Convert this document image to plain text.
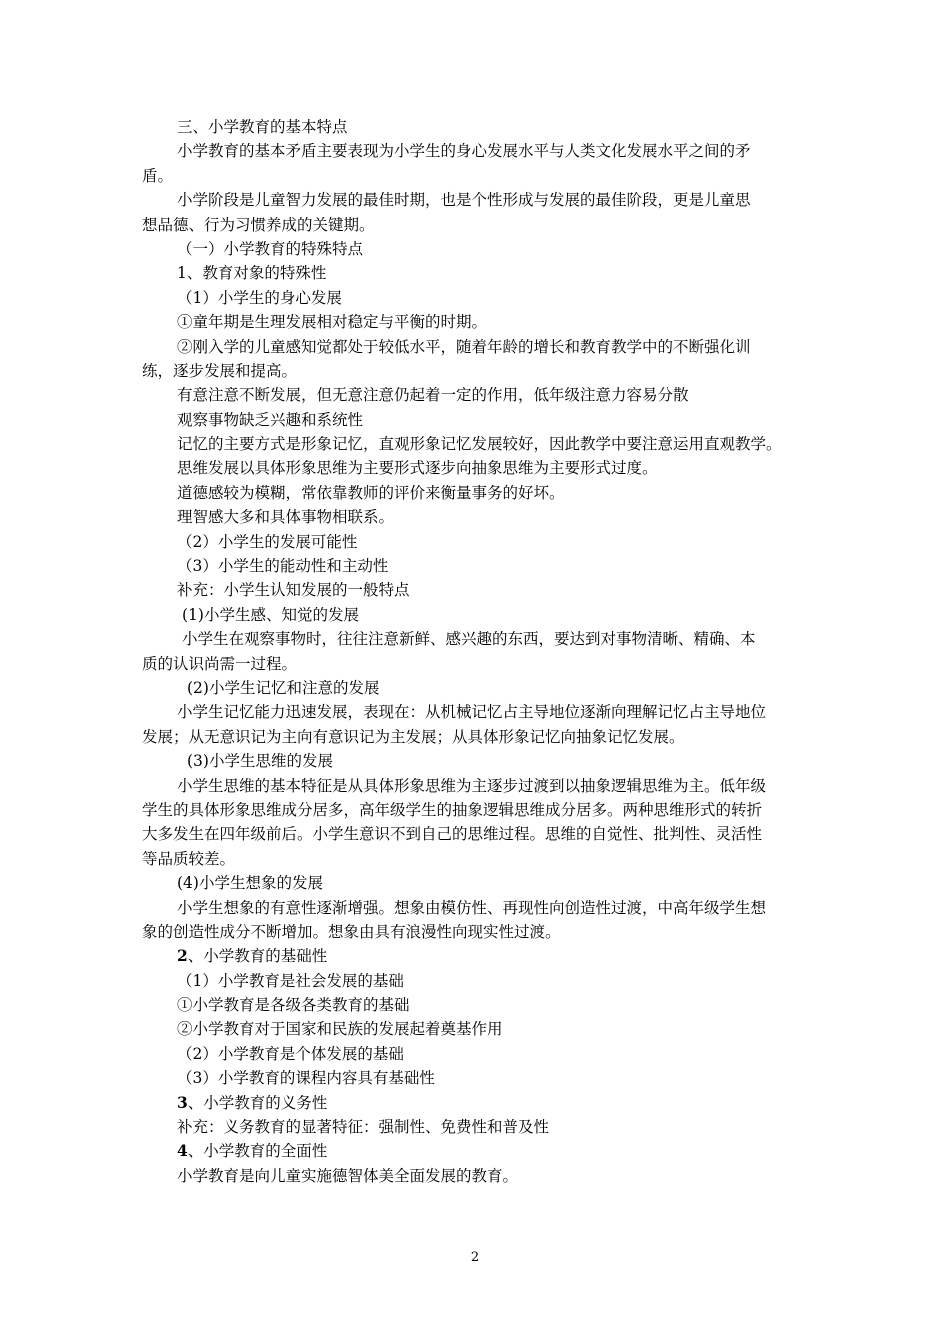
三、小学教育的基本特点
小学教育的基本矛盾主要表现为小学生的身心发展水平与人类文化发展水平之间的矛
盾。
小学阶段是儿童智力发展的最佳时期，也是个性形成与发展的最佳阶段，更是儿童思
想品德、行为习惯养成的关键期。
（一）小学教育的特殊特点
1、教育对象的特殊性
（1）小学生的身心发展
①童年期是生理发展相对稳定与平衡的时期。
②刚入学的儿童感知觉都处于较低水平，随着年龄的增长和教育教学中的不断强化训
练，逐步发展和提高。
有意注意不断发展，但无意注意仍起着一定的作用，低年级注意力容易分散
观察事物缺乏兴趣和系统性
记忆的主要方式是形象记忆，直观形象记忆发展较好，因此教学中要注意运用直观教学。
思维发展以具体形象思维为主要形式逐步向抽象思维为主要形式过度。
道德感较为模糊，常依靠教师的评价来衡量事务的好坏。
理智感大多和具体事物相联系。
（2）小学生的发展可能性
（3）小学生的能动性和主动性
补充：小学生认知发展的一般特点
(1)小学生感、知觉的发展
小学生在观察事物时，往往注意新鲜、感兴趣的东西，要达到对事物清晰、精确、本
质的认识尚需一过程。
(2)小学生记忆和注意的发展
小学生记忆能力迅速发展，表现在：从机械记忆占主导地位逐渐向理解记忆占主导地位
发展；从无意识记为主向有意识记为主发展；从具体形象记忆向抽象记忆发展。
(3)小学生思维的发展
小学生思维的基本特征是从具体形象思维为主逐步过渡到以抽象逻辑思维为主。低年级
学生的具体形象思维成分居多，高年级学生的抽象逻辑思维成分居多。两种思维形式的转折
大多发生在四年级前后。小学生意识不到自己的思维过程。思维的自觉性、批判性、灵活性
等品质较差。
(4)小学生想象的发展
小学生想象的有意性逐渐增强。想象由模仿性、再现性向创造性过渡，中高年级学生想
象的创造性成分不断增加。想象由具有浪漫性向现实性过渡。
2、小学教育的基础性
（1）小学教育是社会发展的基础
①小学教育是各级各类教育的基础
②小学教育对于国家和民族的发展起着奠基作用
（2）小学教育是个体发展的基础
（3）小学教育的课程内容具有基础性
3、小学教育的义务性
补充：义务教育的显著特征：强制性、免费性和普及性
4、小学教育的全面性
小学教育是向儿童实施德智体美全面发展的教育。
2
